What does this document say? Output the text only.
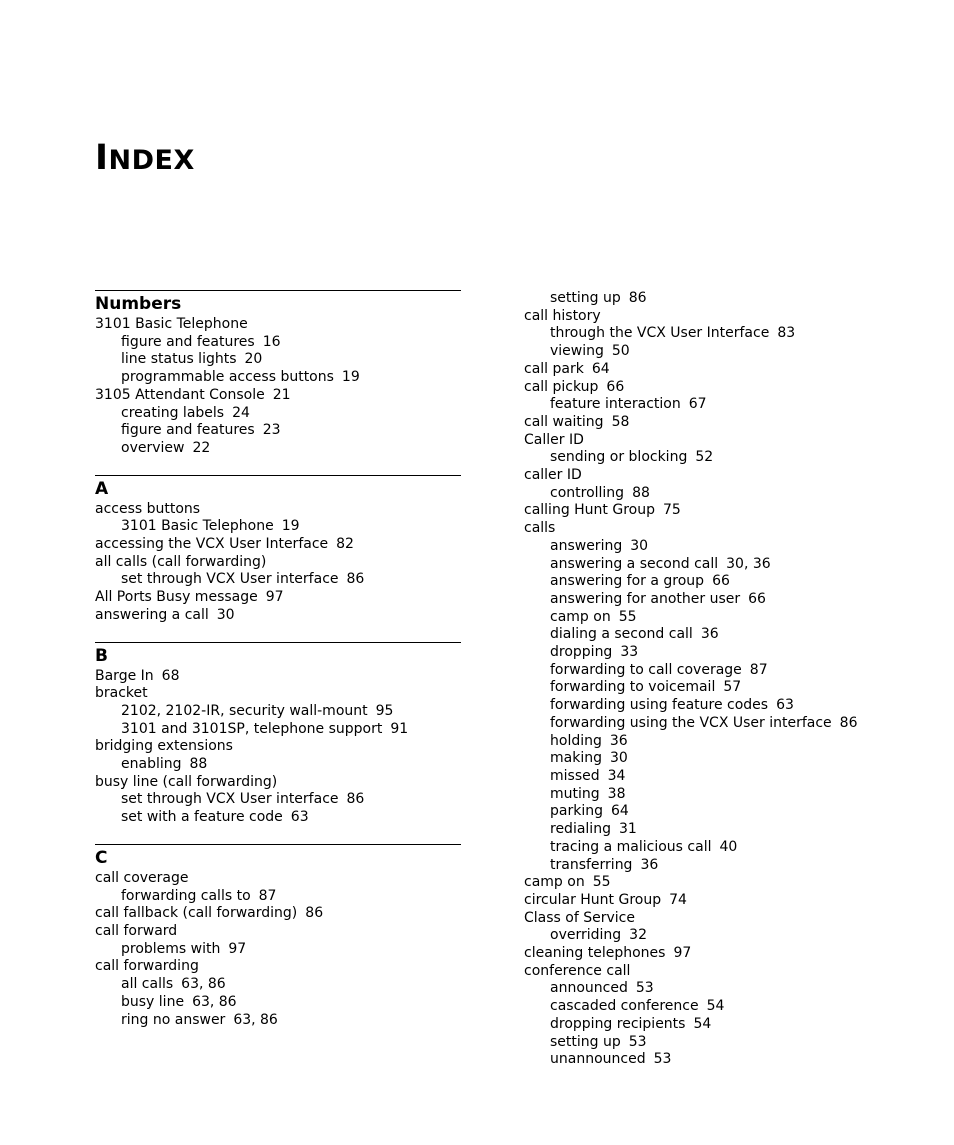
INDEX
Numbers
3101 Basic Telephone
figure and features 16
line status lights 20
programmable access buttons 19
3105 Attendant Console 21
creating labels 24
figure and features 23
overview 22
A
access buttons
3101 Basic Telephone 19
accessing the VCX User Interface 82
all calls (call forwarding)
set through VCX User interface 86
All Ports Busy message 97
answering a call 30
B
Barge In 68
bracket
2102, 2102-IR, security wall-mount 95
3101 and 3101SP, telephone support 91
bridging extensions
enabling 88
busy line (call forwarding)
set through VCX User interface 86
set with a feature code 63
C
call coverage
forwarding calls to 87
call fallback (call forwarding) 86
call forward
problems with 97
call forwarding
all calls 63, 86
busy line 63, 86
ring no answer 63, 86
setting up 86
call history
through the VCX User Interface 83
viewing 50
call park 64
call pickup 66
feature interaction 67
call waiting 58
Caller ID
sending or blocking 52
caller ID
controlling 88
calling Hunt Group 75
calls
answering 30
answering a second call 30, 36
answering for a group 66
answering for another user 66
camp on 55
dialing a second call 36
dropping 33
forwarding to call coverage 87
forwarding to voicemail 57
forwarding using feature codes 63
forwarding using the VCX User interface 86
holding 36
making 30
missed 34
muting 38
parking 64
redialing 31
tracing a malicious call 40
transferring 36
camp on 55
circular Hunt Group 74
Class of Service
overriding 32
cleaning telephones 97
conference call
announced 53
cascaded conference 54
dropping recipients 54
setting up 53
unannounced 53
